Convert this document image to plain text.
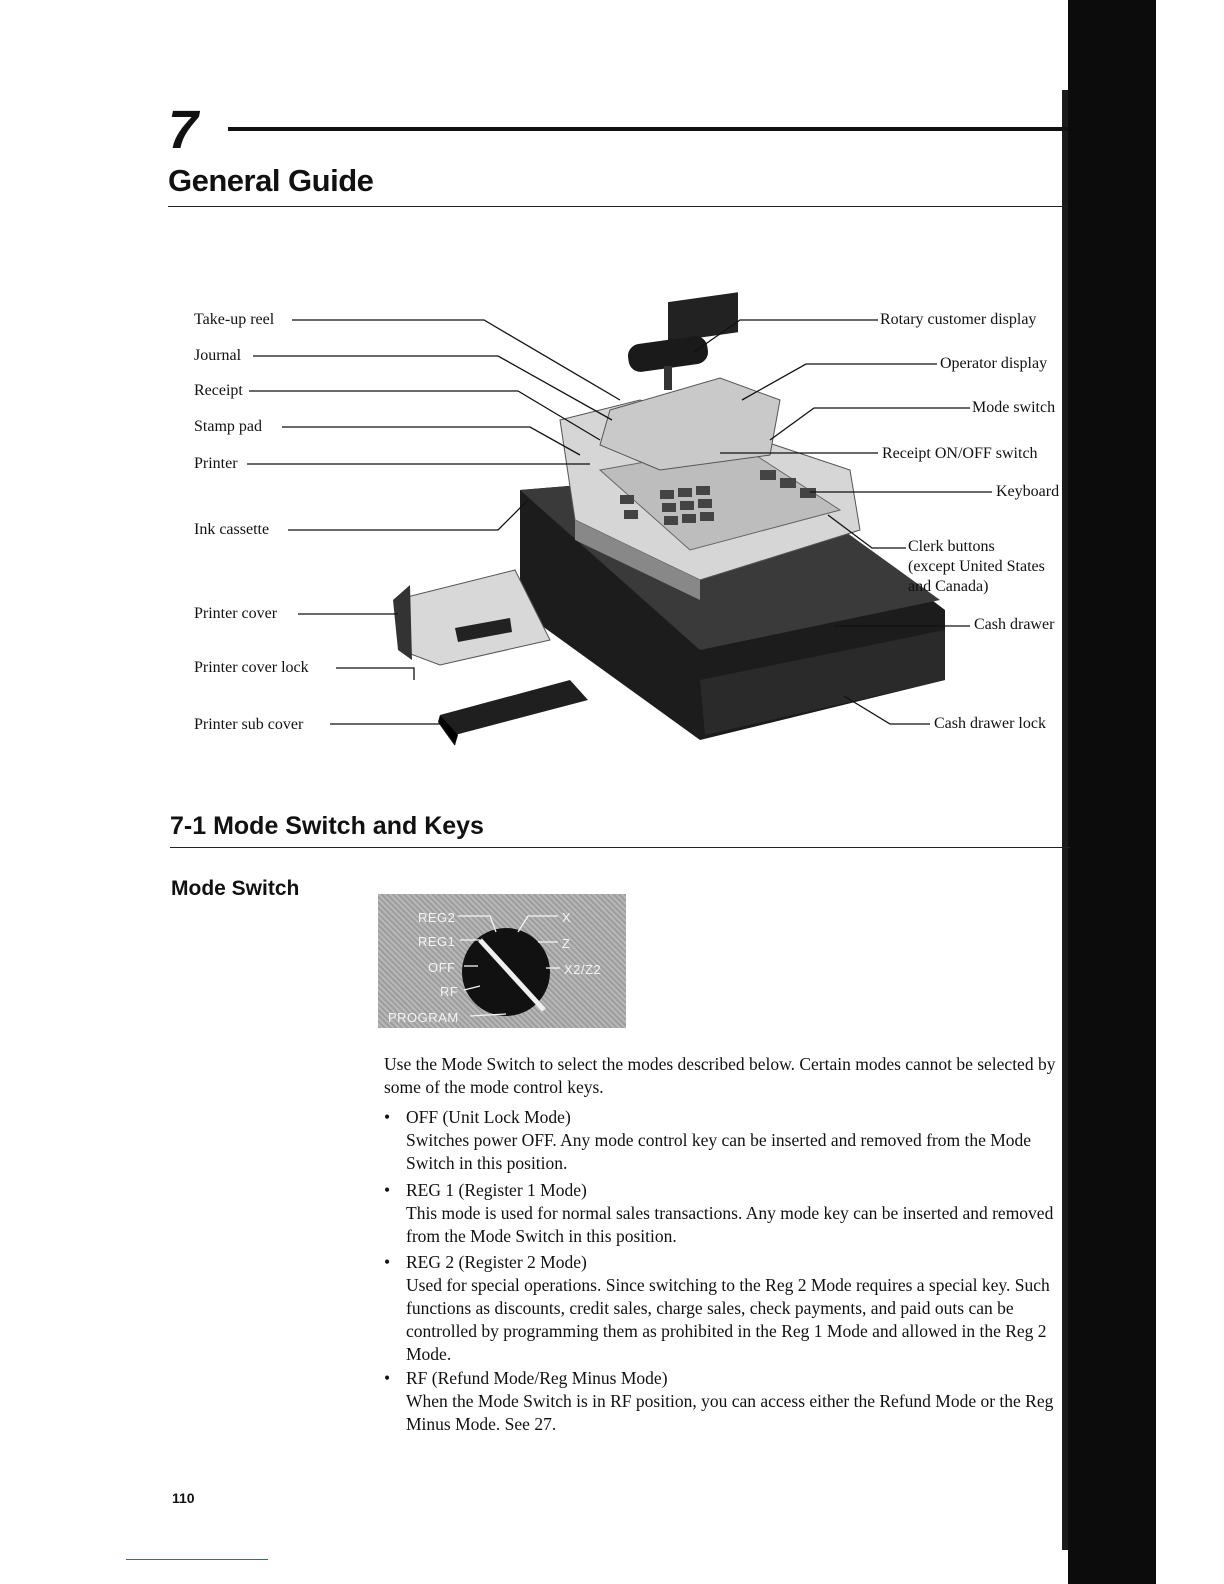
7
General Guide
Take-up reel
Journal
Receipt
Stamp pad
Printer
Ink cassette
Printer cover
Printer cover lock
Printer sub cover
Rotary customer display
Operator display
Mode switch
Receipt ON/OFF switch
Keyboard
Clerk buttons
(except United States
and Canada)
Cash drawer
Cash drawer lock
7-1 Mode Switch and Keys
Mode Switch
REG2
REG1
OFF
RF
PROGRAM
X
Z
X2/Z2
Use the Mode Switch to select the modes described below. Certain modes cannot be selected by some of the mode control keys.
• OFF (Unit Lock Mode)
Switches power OFF. Any mode control key can be inserted and removed from the Mode Switch in this position.
• REG 1 (Register 1 Mode)
This mode is used for normal sales transactions. Any mode key can be inserted and removed from the Mode Switch in this position.
• REG 2 (Register 2 Mode)
Used for special operations. Since switching to the Reg 2 Mode requires a special key. Such functions as discounts, credit sales, charge sales, check payments, and paid outs can be controlled by programming them as prohibited in the Reg 1 Mode and allowed in the Reg 2 Mode.
• RF (Refund Mode/Reg Minus Mode)
When the Mode Switch is in RF position, you can access either the Refund Mode or the Reg Minus Mode. See 27.
110
